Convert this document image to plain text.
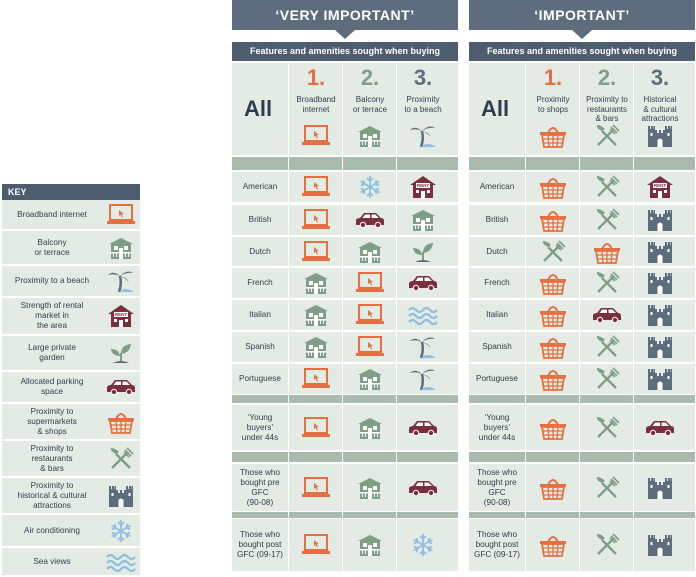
KEY
Broadband internet
Balcony
or terrace
Proximity to a beach
Strength of rental
market in
the area
RENT
Large private
garden
Allocated parking
space
Proximity to
supermarkets
& shops
Proximity to
restaurants
& bars
Proximity to
historical & cultural
attractions
Air conditioning
Sea views
‘VERY IMPORTANT’
Features and amenities sought when buying
All
1.
Broadband
internet
2.
Balcony
or terrace
3.
Proximity
to a beach
American	RENT
British
Dutch
French
Italian
Spanish
Portuguese
‘Young
buyers’
under 44s
Those who
bought pre
GFC
(90-08)
Those who
bought post
GFC (09-17)
‘IMPORTANT’
Features and amenities sought when buying
All
1.
Proximity
to shops
2.
Proximity to
restaurants
& bars
3.
Historical
& cultural
attractions
American	RENT
British
Dutch
French
Italian
Spanish
Portuguese
‘Young
buyers’
under 44s
Those who
bought pre
GFC
(90-08)
Those who
bought post
GFC (09-17)
